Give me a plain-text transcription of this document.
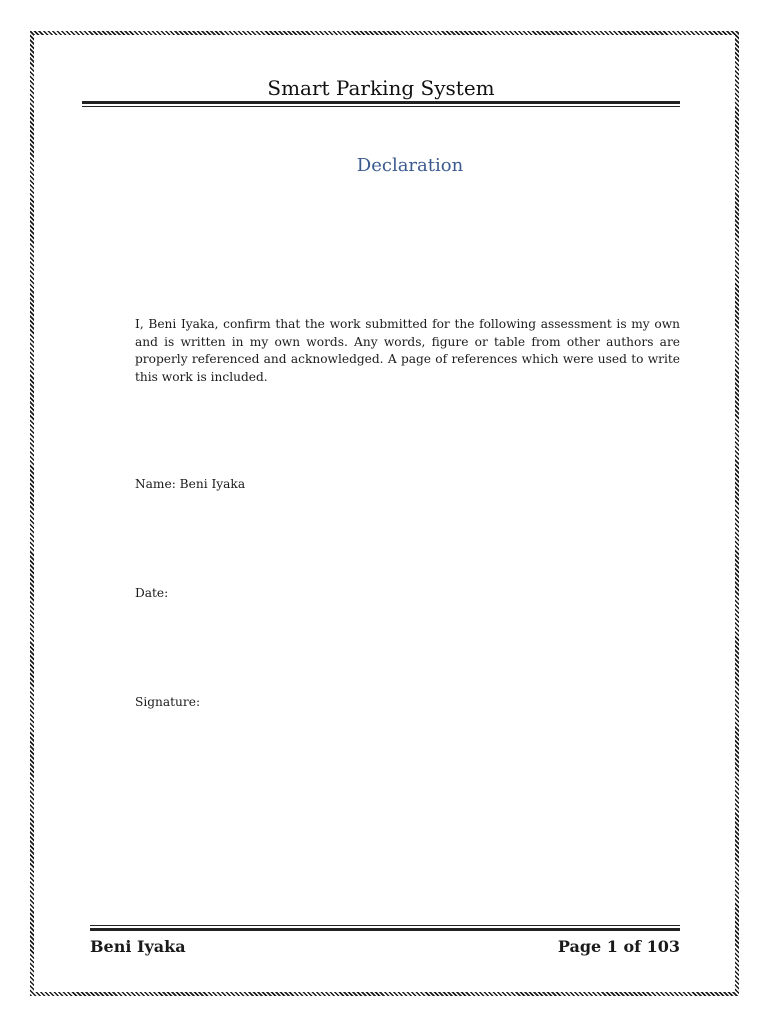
Smart Parking System
Declaration

I, Beni Iyaka, confirm that the work submitted for the following assessment is my own and is written in my own words. Any words, figure or table from other authors are properly referenced and acknowledged. A page of references which were used to write this work is included.

Name: Beni Iyaka

Date:

Signature:

Beni Iyaka	Page 1 of 103
